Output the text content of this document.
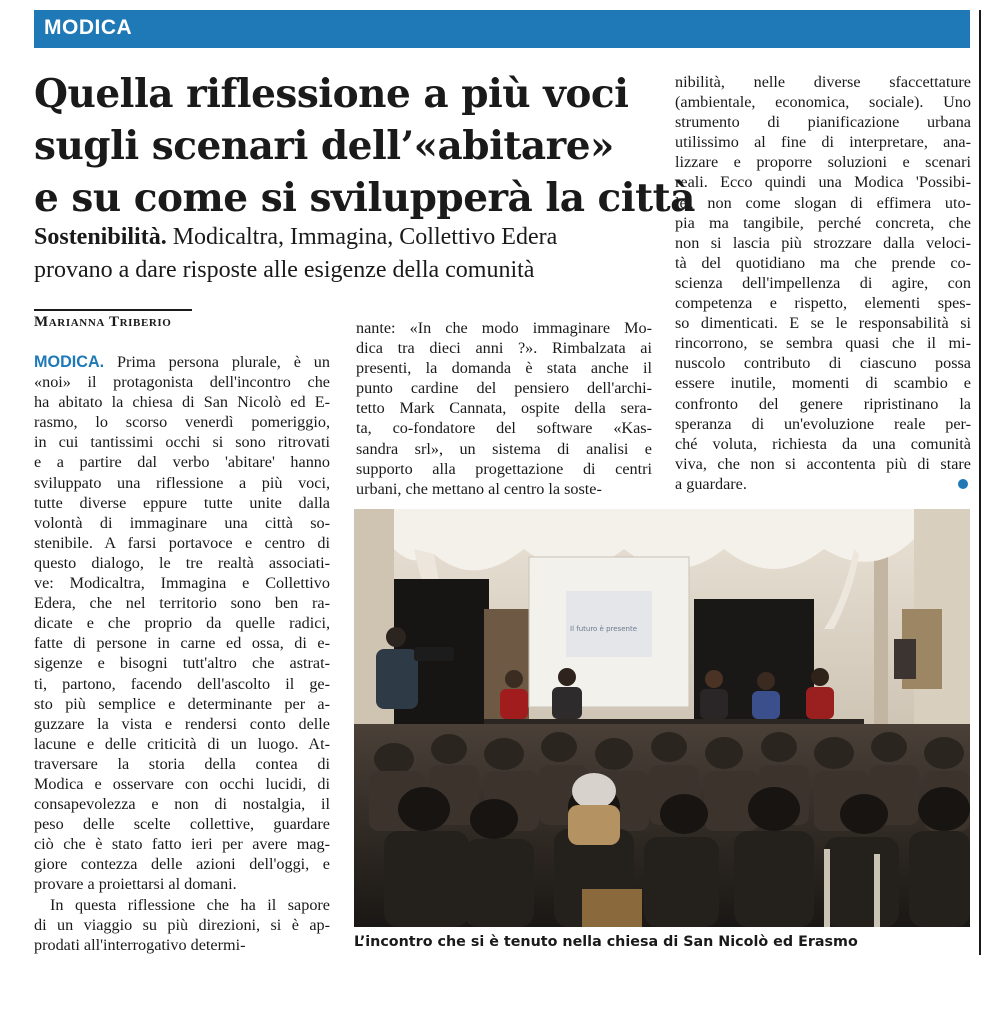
MODICA
Quella riflessione a più voci
sugli scenari dell’«abitare»
e su come si svilupperà la città
Sostenibilità. Modicaltra, Immagina, Collettivo Edera
provano a dare risposte alle esigenze della comunità
Marianna Triberio
MODICA. Prima persona plurale, è un
«noi» il protagonista dell'incontro che
ha abitato la chiesa di San Nicolò ed E-
rasmo, lo scorso venerdì pomeriggio,
in cui tantissimi occhi si sono ritrovati
e a partire dal verbo 'abitare' hanno
sviluppato una riflessione a più voci,
tutte diverse eppure tutte unite dalla
volontà di immaginare una città so-
stenibile. A farsi portavoce e centro di
questo dialogo, le tre realtà associati-
ve: Modicaltra, Immagina e Collettivo
Edera, che nel territorio sono ben ra-
dicate e che proprio da quelle radici,
fatte di persone in carne ed ossa, di e-
sigenze e bisogni tutt'altro che astrat-
ti, partono, facendo dell'ascolto il ge-
sto più semplice e determinante per a-
guzzare la vista e rendersi conto delle
lacune e delle criticità di un luogo. At-
traversare la storia della contea di
Modica e osservare con occhi lucidi, di
consapevolezza e non di nostalgia, il
peso delle scelte collettive, guardare
ciò che è stato fatto ieri per avere mag-
giore contezza delle azioni dell'oggi, e
provare a proiettarsi al domani.
In questa riflessione che ha il sapore
di un viaggio su più direzioni, si è ap-
prodati all'interrogativo determi-
nante: «In che modo immaginare Mo-
dica tra dieci anni ?». Rimbalzata ai
presenti, la domanda è stata anche il
punto cardine del pensiero dell'archi-
tetto Mark Cannata, ospite della sera-
ta, co-fondatore del software «Kas-
sandra srl», un sistema di analisi e
supporto alla progettazione di centri
urbani, che mettano al centro la soste-
nibilità, nelle diverse sfaccettature
(ambientale, economica, sociale). Uno
strumento di pianificazione urbana
utilissimo al fine di interpretare, ana-
lizzare e proporre soluzioni e scenari
reali. Ecco quindi una Modica 'Possibi-
le', non come slogan di effimera uto-
pia ma tangibile, perché concreta, che
non si lascia più strozzare dalla veloci-
tà del quotidiano ma che prende co-
scienza dell'impellenza di agire, con
competenza e rispetto, elementi spes-
so dimenticati. E se le responsabilità si
rincorrono, se sembra quasi che il mi-
nuscolo contributo di ciascuno possa
essere inutile, momenti di scambio e
confronto del genere ripristinano la
speranza di un'evoluzione reale per-
ché voluta, richiesta da una comunità
viva, che non si accontenta più di stare
a guardare.
Il futuro è presente
L’incontro che si è tenuto nella chiesa di San Nicolò ed Erasmo
